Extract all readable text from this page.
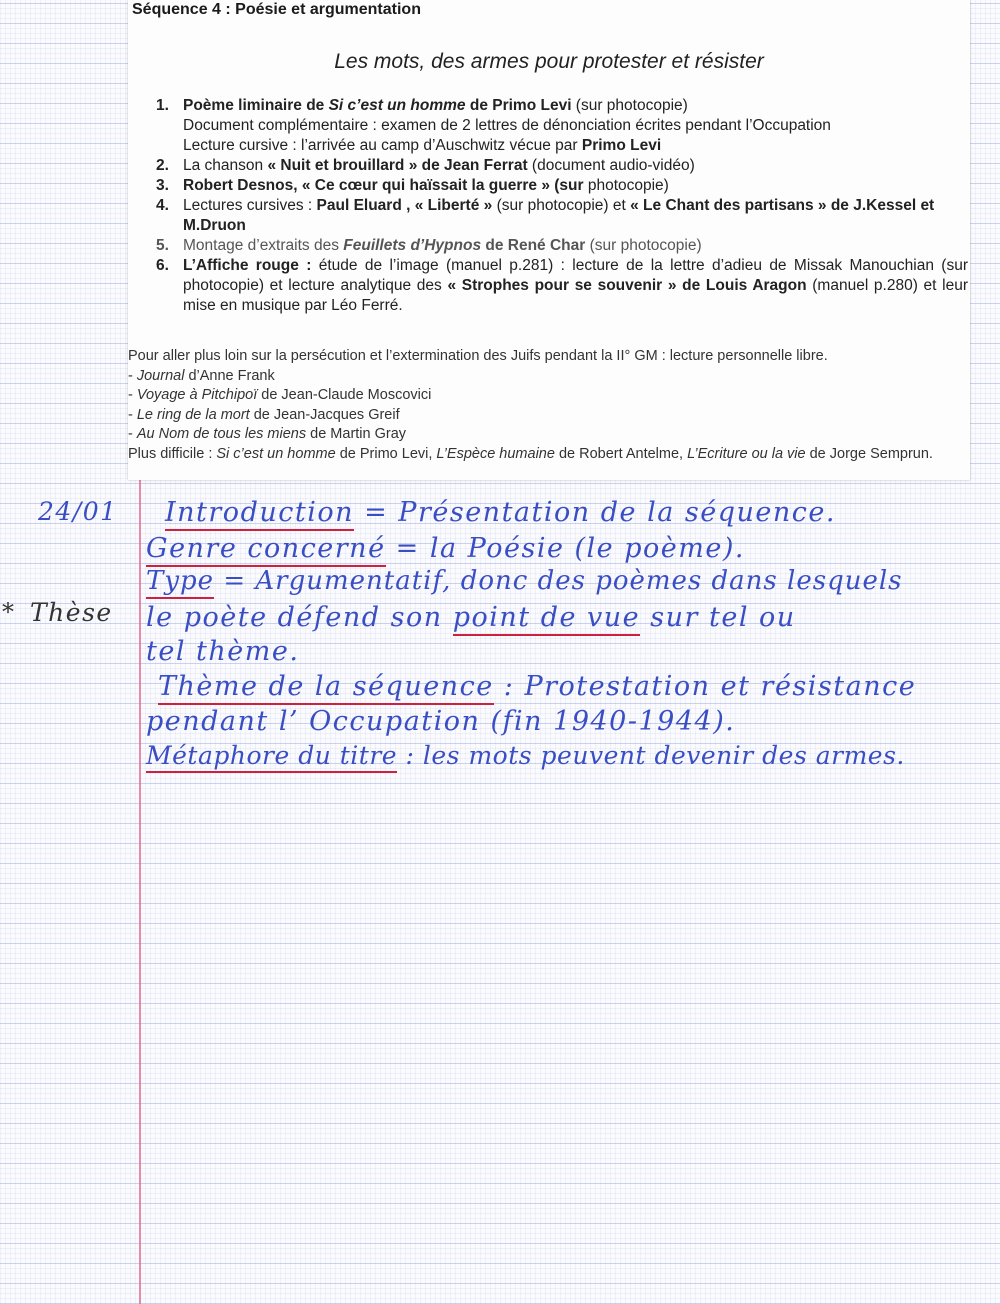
Séquence 4 : Poésie et argumentation
Les mots, des armes pour protester et résister
1. Poème liminaire de Si c’est un homme de Primo Levi (sur photocopie)
Document complémentaire : examen de 2 lettres de dénonciation écrites pendant l’Occupation
Lecture cursive : l’arrivée au camp d’Auschwitz vécue par Primo Levi
2. La chanson « Nuit et brouillard » de Jean Ferrat (document audio-vidéo)
3. Robert Desnos, « Ce cœur qui haïssait la guerre » (sur photocopie)
4. Lectures cursives : Paul Eluard , « Liberté » (sur photocopie) et « Le Chant des partisans » de J.Kessel et M.Druon
5. Montage d’extraits des Feuillets d’Hypnos de René Char (sur photocopie)
6. L’Affiche rouge : étude de l’image (manuel p.281) : lecture de la lettre d’adieu de Missak Manouchian (sur photocopie) et lecture analytique des « Strophes pour se souvenir » de Louis Aragon (manuel p.280) et leur mise en musique par Léo Ferré.
Pour aller plus loin sur la persécution et l’extermination des Juifs pendant la II° GM : lecture personnelle libre.
- Journal d’Anne Frank
- Voyage à Pitchipoï de Jean-Claude Moscovici
- Le ring de la mort de Jean-Jacques Greif
- Au Nom de tous les miens de Martin Gray
Plus difficile : Si c’est un homme de Primo Levi, L’Espèce humaine de Robert Antelme, L’Ecriture ou la vie de Jorge Semprun.
24/01
* Thèse
Introduction = Présentation de la séquence.
Genre concerné = la Poésie (le poème).
Type = Argumentatif, donc des poèmes dans lesquels
le poète défend son point de vue sur tel ou
tel thème.
Thème de la séquence : Protestation et résistance
pendant l’ Occupation (fin 1940-1944).
Métaphore du titre : les mots peuvent devenir des armes.
